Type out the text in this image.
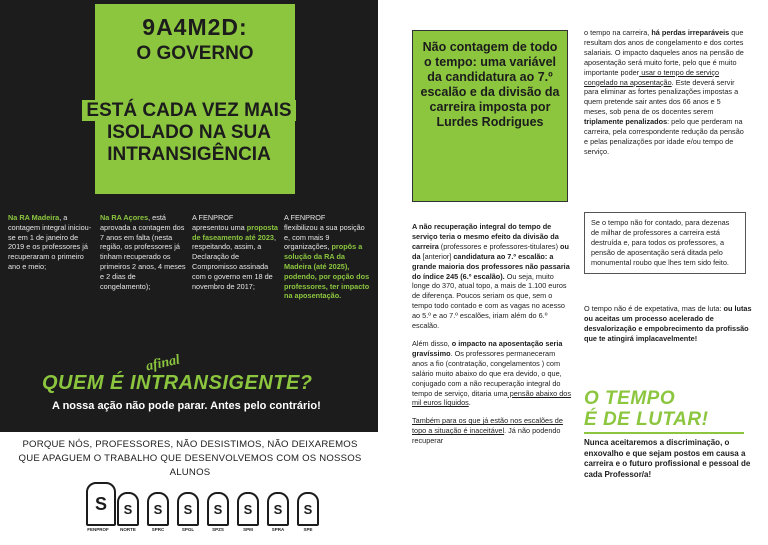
9A4M2D:
O GOVERNO
ESTÁ CADA VEZ MAIS
ISOLADO NA SUA
INTRANSIGÊNCIA
Na RA Madeira, a contagem integral iniciou-se em 1 de janeiro de 2019 e os professores já recuperaram o primeiro ano e meio;
Na RA Açores, está aprovada a contagem dos 7 anos em falta (nesta região, os professores já tinham recuperado os primeiros 2 anos, 4 meses e 2 dias de congelamento);
A FENPROF
apresentou uma proposta de faseamento até 2023, respeitando, assim, a Declaração de Compromisso assinada com o governo em 18 de novembro de 2017;
A FENPROF
flexibilizou a sua posição e, com mais 9 organizações, propôs a solução da RA da Madeira (até 2025), podendo, por opção dos professores, ter impacto na aposentação.
afinal
QUEM É INTRANSIGENTE?
A nossa ação não pode parar. Antes pelo contrário!
PORQUE NÓS, PROFESSORES, NÃO DESISTIMOS, NÃO DEIXAREMOS
QUE APAGUEM O TRABALHO QUE DESENVOLVEMOS COM OS NOSSOS ALUNOS
S
FENPROF
S
NORTE
S
SPRC
S
SPGL
S
SPZS
S
SPM
S
SPRA
S
SPE

Não contagem de todo o tempo: uma variável da candidatura ao 7.º escalão e da divisão da carreira imposta por Lurdes Rodrigues

A não recuperação integral do tempo de serviço teria o mesmo efeito da divisão da carreira (professores e professores-titulares) ou da [anterior] candidatura ao 7.º escalão: a grande maioria dos professores não passaria do índice 245 (6.º escalão). Ou seja, muito longe do 370, atual topo, a mais de 1.100 euros de diferença. Poucos seriam os que, sem o tempo todo contado e com as vagas no acesso ao 5.º e ao 7.º escalões, iriam além do 6.º escalão.

Além disso, o impacto na aposentação seria gravíssimo. Os professores permaneceram anos a fio (contratação, congelamentos ) com salário muito abaixo do que era devido, o que, conjugado com a não recuperação integral do tempo de serviço, ditaria uma pensão abaixo dos mil euros líquidos.

Também para os que já estão nos escalões de topo a situação é inaceitável. Já não podendo recuperar

o tempo na carreira, há perdas irreparáveis que resultam dos anos de congelamento e dos cortes salariais. O impacto daqueles anos na pensão de aposentação será muito forte, pelo que é muito importante poder usar o tempo de serviço congelado na aposentação. Este deverá servir para eliminar as fortes penalizações impostas a quem pretende sair antes dos 66 anos e 5 meses, sob pena de os docentes serem triplamente penalizados: pelo que perderam na carreira, pela correspondente redução da pensão e pelas penalizações por idade e/ou tempo de serviço.
Se o tempo não for contado, para dezenas de milhar de professores a carreira está destruída e, para todos os professores, a pensão de aposentação será ditada pelo monumental roubo que lhes tem sido feito.
O tempo não é de expetativa, mas de luta: ou lutas ou aceitas um processo acelerado de desvalorização e empobrecimento da profissão que te atingirá implacavelmente!
O TEMPO
É DE LUTAR!
Nunca aceitaremos a discriminação, o enxovalho e que sejam postos em causa a carreira e o futuro profissional e pessoal de cada Professor/a!
